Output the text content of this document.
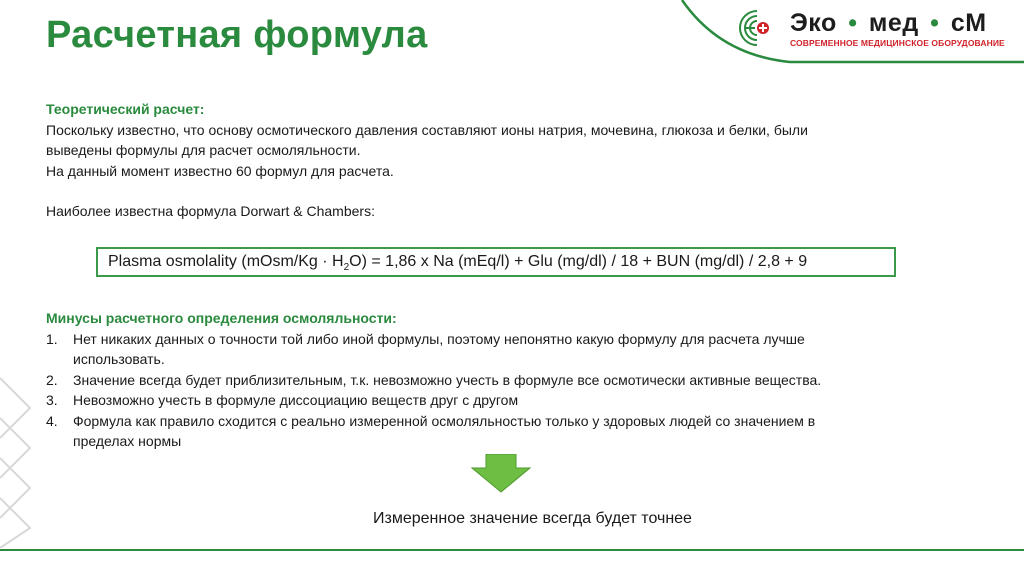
Расчетная формула	Эко • мед • сМ
СОВРЕМЕННОЕ МЕДИЦИНСКОЕ ОБОРУДОВАНИЕ

Теоретический расчет:

Поскольку известно, что основу осмотического давления составляют ионы натрия, мочевина, глюкоза и белки, были

выведены формулы для расчет осмоляльности.

На данный момент известно 60 формул для расчета.

Наиболее известна формула Dorwart & Chambers:

Plasma osmolality (mOsm/Kg · $H_2O) = 1,86$ x Na (mEq/l) + Glu (mg/dl) / 18 + BUN (mg/dl) / 2,8 + 9

Минусы расчетного определения осмоляльности:

1. Нет никаких данных о точности той либо иной формулы, поэтому непонятно какую формулу для расчета лучше
использовать.
2. Значение всегда будет приблизительным, т.к. невозможно учесть в формуле все осмотически активные вещества.
3. Невозможно учесть в формуле диссоциацию веществ друг с другом
4. Формула как правило сходится с реально измеренной осмоляльностью только у здоровых людей со значением в
пределах нормы
Измеренное значение всегда будет точнее
